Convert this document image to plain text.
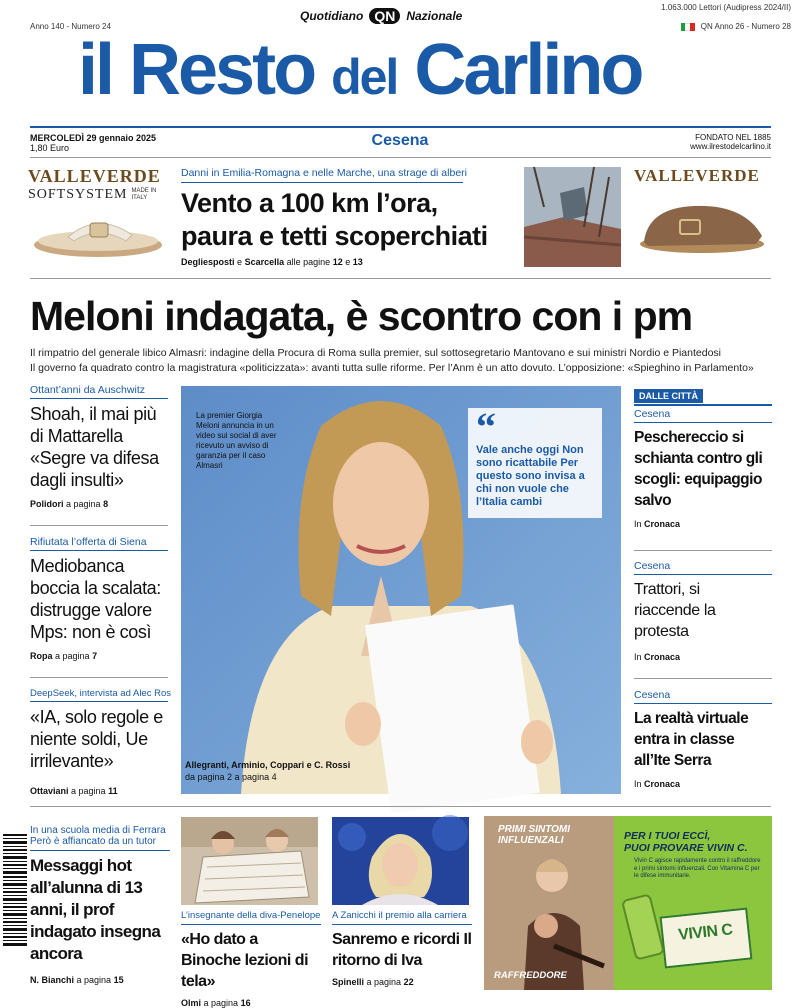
1.063.000 Lettori (Audipress 2024/II)
Anno 140 - Numero 24
Quotidiano QN Nazionale
QN Anno 26 - Numero 28
il Resto del Carlino
MERCOLEDÌ 29 gennaio 2025
1,80 Euro	Cesena	FONDATO NEL 1885
www.ilrestodelcarlino.it
VALLEVERDE
SOFTSYSTEM MADE IN ITALY
Danni in Emilia-Romagna e nelle Marche, una strage di alberi
Vento a 100 km l’ora,
paura e tetti scoperchiati
Degliesposti e Scarcella alle pagine 12 e 13
VALLEVERDE
Meloni indagata, è scontro con i pm
Il rimpatrio del generale libico Almasri: indagine della Procura di Roma sulla premier, sul sottosegretario Mantovano e sui ministri Nordio e Piantedosi
Il governo fa quadrato contro la magistratura «politicizzata»: avanti tutta sulle riforme. Per l’Anm è un atto dovuto. L’opposizione: «Spieghino in Parlamento»
Ottant’anni da Auschwitz
Shoah, il mai più di Mattarella «Segre va difesa dagli insulti»
Polidori a pagina 8
Rifiutata l’offerta di Siena
Mediobanca boccia la scalata: distrugge valore Mps: non è così
Ropa a pagina 7
DeepSeek, intervista ad Alec Ros
«IA, solo regole e niente soldi, Ue irrilevante»
Ottaviani a pagina 11
La premier Giorgia Meloni annuncia in un video sui social di aver ricevuto un avviso di garanzia per il caso Almasri
“
Vale anche oggi Non sono ricattabile Per questo sono invisa a chi non vuole che l’Italia cambi
Allegranti, Arminio, Coppari e C. Rossi
da pagina 2 a pagina 4
DALLE CITTÀ
Cesena
Peschereccio si schianta contro gli scogli: equipaggio salvo
In Cronaca
Cesena
Trattori, si riaccende la protesta
In Cronaca
Cesena
La realtà virtuale entra in classe all’Ite Serra
In Cronaca
In una scuola media di Ferrara
Però è affiancato da un tutor
Messaggi hot all’alunna di 13 anni, il prof indagato insegna ancora
N. Bianchi a pagina 15
L’insegnante della diva-Penelope
«Ho dato a Binoche lezioni di tela»
Olmi a pagina 16
A Zanicchi il premio alla carriera
Sanremo e ricordi Il ritorno di Iva
Spinelli a pagina 22
PRIMI SINTOMI
INFLUENZALI	PER I TUOI ECCÌ,
PUOI PROVARE VIVIN C.
Vivin C agisce rapidamente contro il raffreddore e i primi sintomi influenzali. Con Vitamina C per le difese immunitarie.
VIVIN C
RAFFREDDORE
